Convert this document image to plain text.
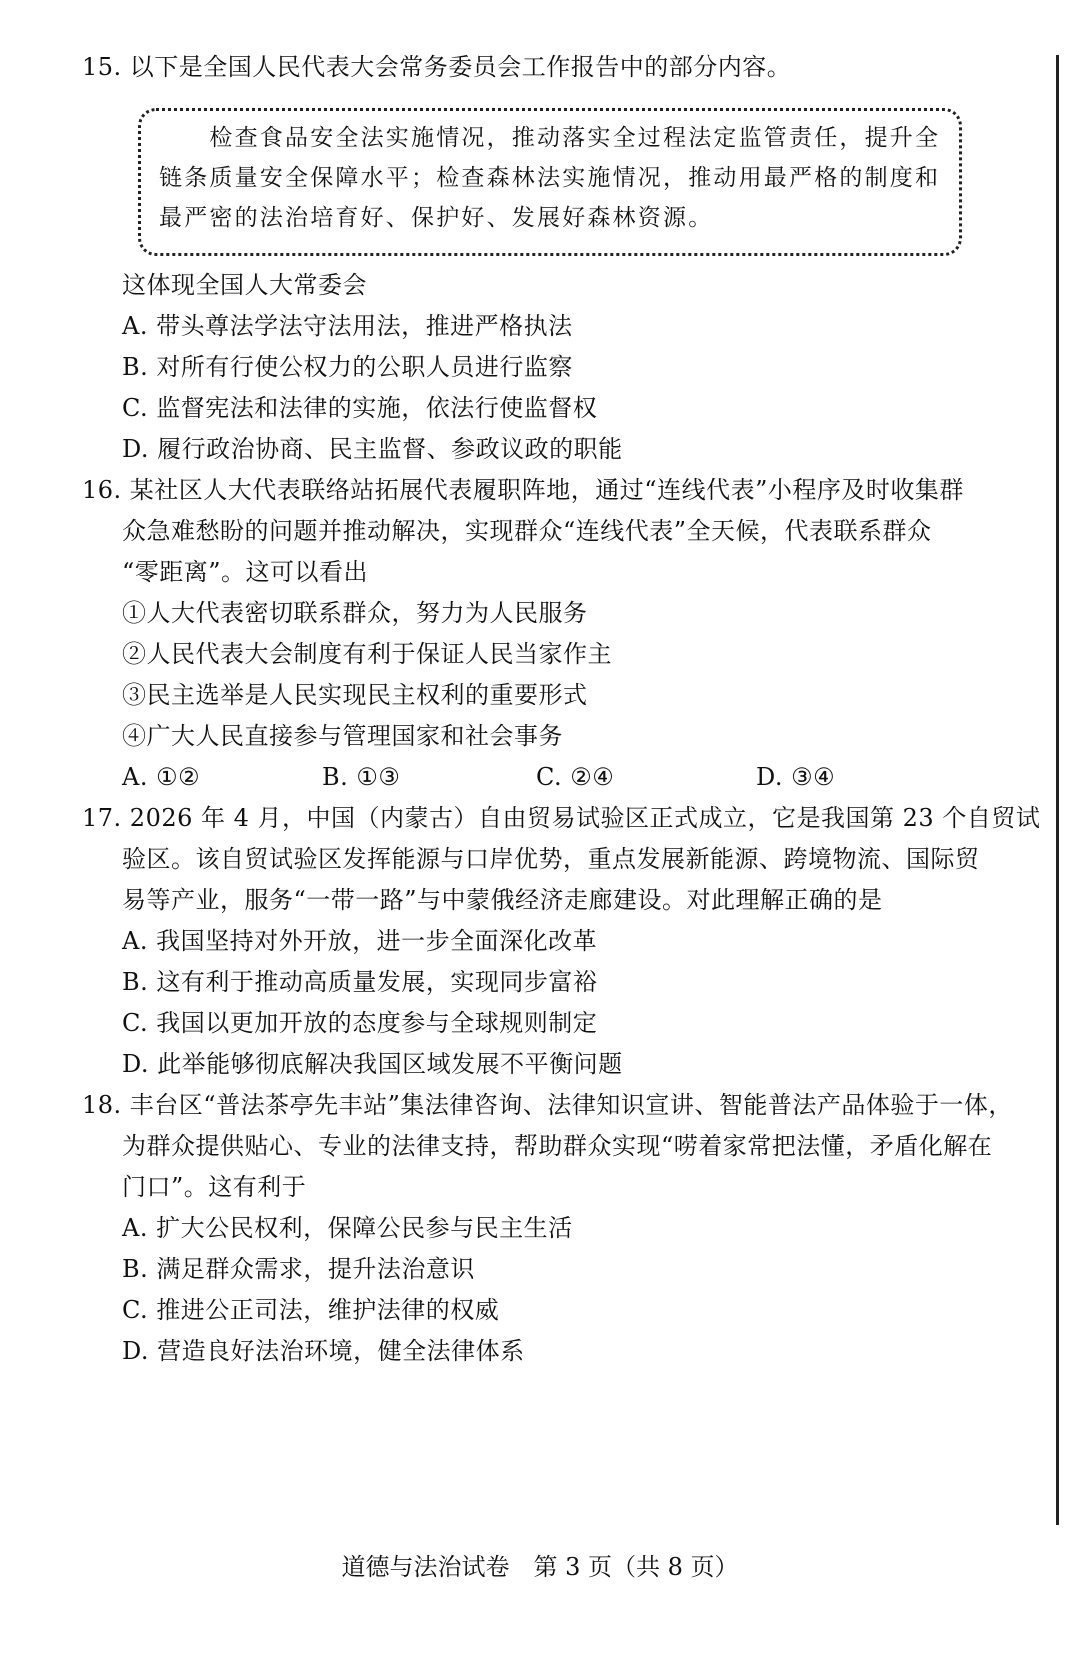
15. 以下是全国人民代表大会常务委员会工作报告中的部分内容。
　　检查食品安全法实施情况，推动落实全过程法定监管责任，提升全
链条质量安全保障水平；检查森林法实施情况，推动用最严格的制度和
最严密的法治培育好、保护好、发展好森林资源。
这体现全国人大常委会
A. 带头尊法学法守法用法，推进严格执法
B. 对所有行使公权力的公职人员进行监察
C. 监督宪法和法律的实施，依法行使监督权
D. 履行政治协商、民主监督、参政议政的职能
16. 某社区人大代表联络站拓展代表履职阵地，通过“连线代表”小程序及时收集群
众急难愁盼的问题并推动解决，实现群众“连线代表”全天候，代表联系群众
“零距离”。这可以看出
①人大代表密切联系群众，努力为人民服务
②人民代表大会制度有利于保证人民当家作主
③民主选举是人民实现民主权利的重要形式
④广大人民直接参与管理国家和社会事务
A. ①②	B. ①③	C. ②④	D. ③④
17. 2026 年 4 月，中国（内蒙古）自由贸易试验区正式成立，它是我国第 23 个自贸试
验区。该自贸试验区发挥能源与口岸优势，重点发展新能源、跨境物流、国际贸
易等产业，服务“一带一路”与中蒙俄经济走廊建设。对此理解正确的是
A. 我国坚持对外开放，进一步全面深化改革
B. 这有利于推动高质量发展，实现同步富裕
C. 我国以更加开放的态度参与全球规则制定
D. 此举能够彻底解决我国区域发展不平衡问题
18. 丰台区“普法茶亭先丰站”集法律咨询、法律知识宣讲、智能普法产品体验于一体，
为群众提供贴心、专业的法律支持，帮助群众实现“唠着家常把法懂，矛盾化解在
门口”。这有利于
A. 扩大公民权利，保障公民参与民主生活
B. 满足群众需求，提升法治意识
C. 推进公正司法，维护法律的权威
D. 营造良好法治环境，健全法律体系
道德与法治试卷　第 3 页（共 8 页）
